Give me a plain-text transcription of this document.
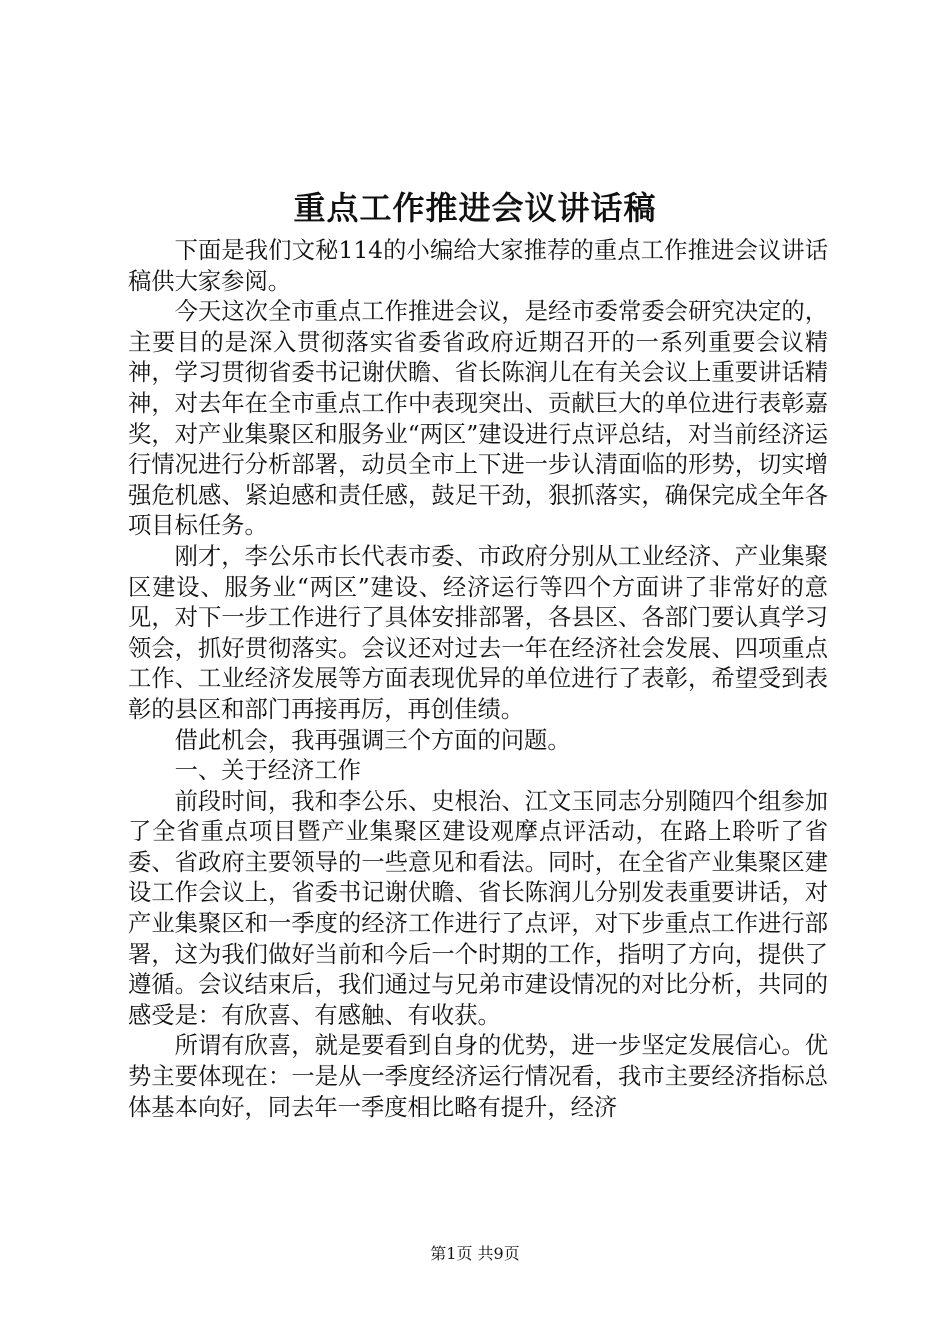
重点工作推进会议讲话稿

下面是我们文秘114的小编给大家推荐的重点工作推进会议讲话稿供大家参阅。

今天这次全市重点工作推进会议，是经市委常委会研究决定的，主要目的是深入贯彻落实省委省政府近期召开的一系列重要会议精神，学习贯彻省委书记谢伏瞻、省长陈润儿在有关会议上重要讲话精神，对去年在全市重点工作中表现突出、贡献巨大的单位进行表彰嘉奖，对产业集聚区和服务业“两区”建设进行点评总结，对当前经济运行情况进行分析部署，动员全市上下进一步认清面临的形势，切实增强危机感、紧迫感和责任感，鼓足干劲，狠抓落实，确保完成全年各项目标任务。

刚才，李公乐市长代表市委、市政府分别从工业经济、产业集聚区建设、服务业“两区”建设、经济运行等四个方面讲了非常好的意见，对下一步工作进行了具体安排部署，各县区、各部门要认真学习领会，抓好贯彻落实。会议还对过去一年在经济社会发展、四项重点工作、工业经济发展等方面表现优异的单位进行了表彰，希望受到表彰的县区和部门再接再厉，再创佳绩。

借此机会，我再强调三个方面的问题。

一、关于经济工作

前段时间，我和李公乐、史根治、江文玉同志分别随四个组参加了全省重点项目暨产业集聚区建设观摩点评活动，在路上聆听了省委、省政府主要领导的一些意见和看法。同时，在全省产业集聚区建设工作会议上，省委书记谢伏瞻、省长陈润儿分别发表重要讲话，对产业集聚区和一季度的经济工作进行了点评，对下步重点工作进行部署，这为我们做好当前和今后一个时期的工作，指明了方向，提供了遵循。会议结束后，我们通过与兄弟市建设情况的对比分析，共同的感受是：有欣喜、有感触、有收获。

所谓有欣喜，就是要看到自身的优势，进一步坚定发展信心。优势主要体现在：一是从一季度经济运行情况看，我市主要经济指标总体基本向好，同去年一季度相比略有提升，经济

第1页 共9页
